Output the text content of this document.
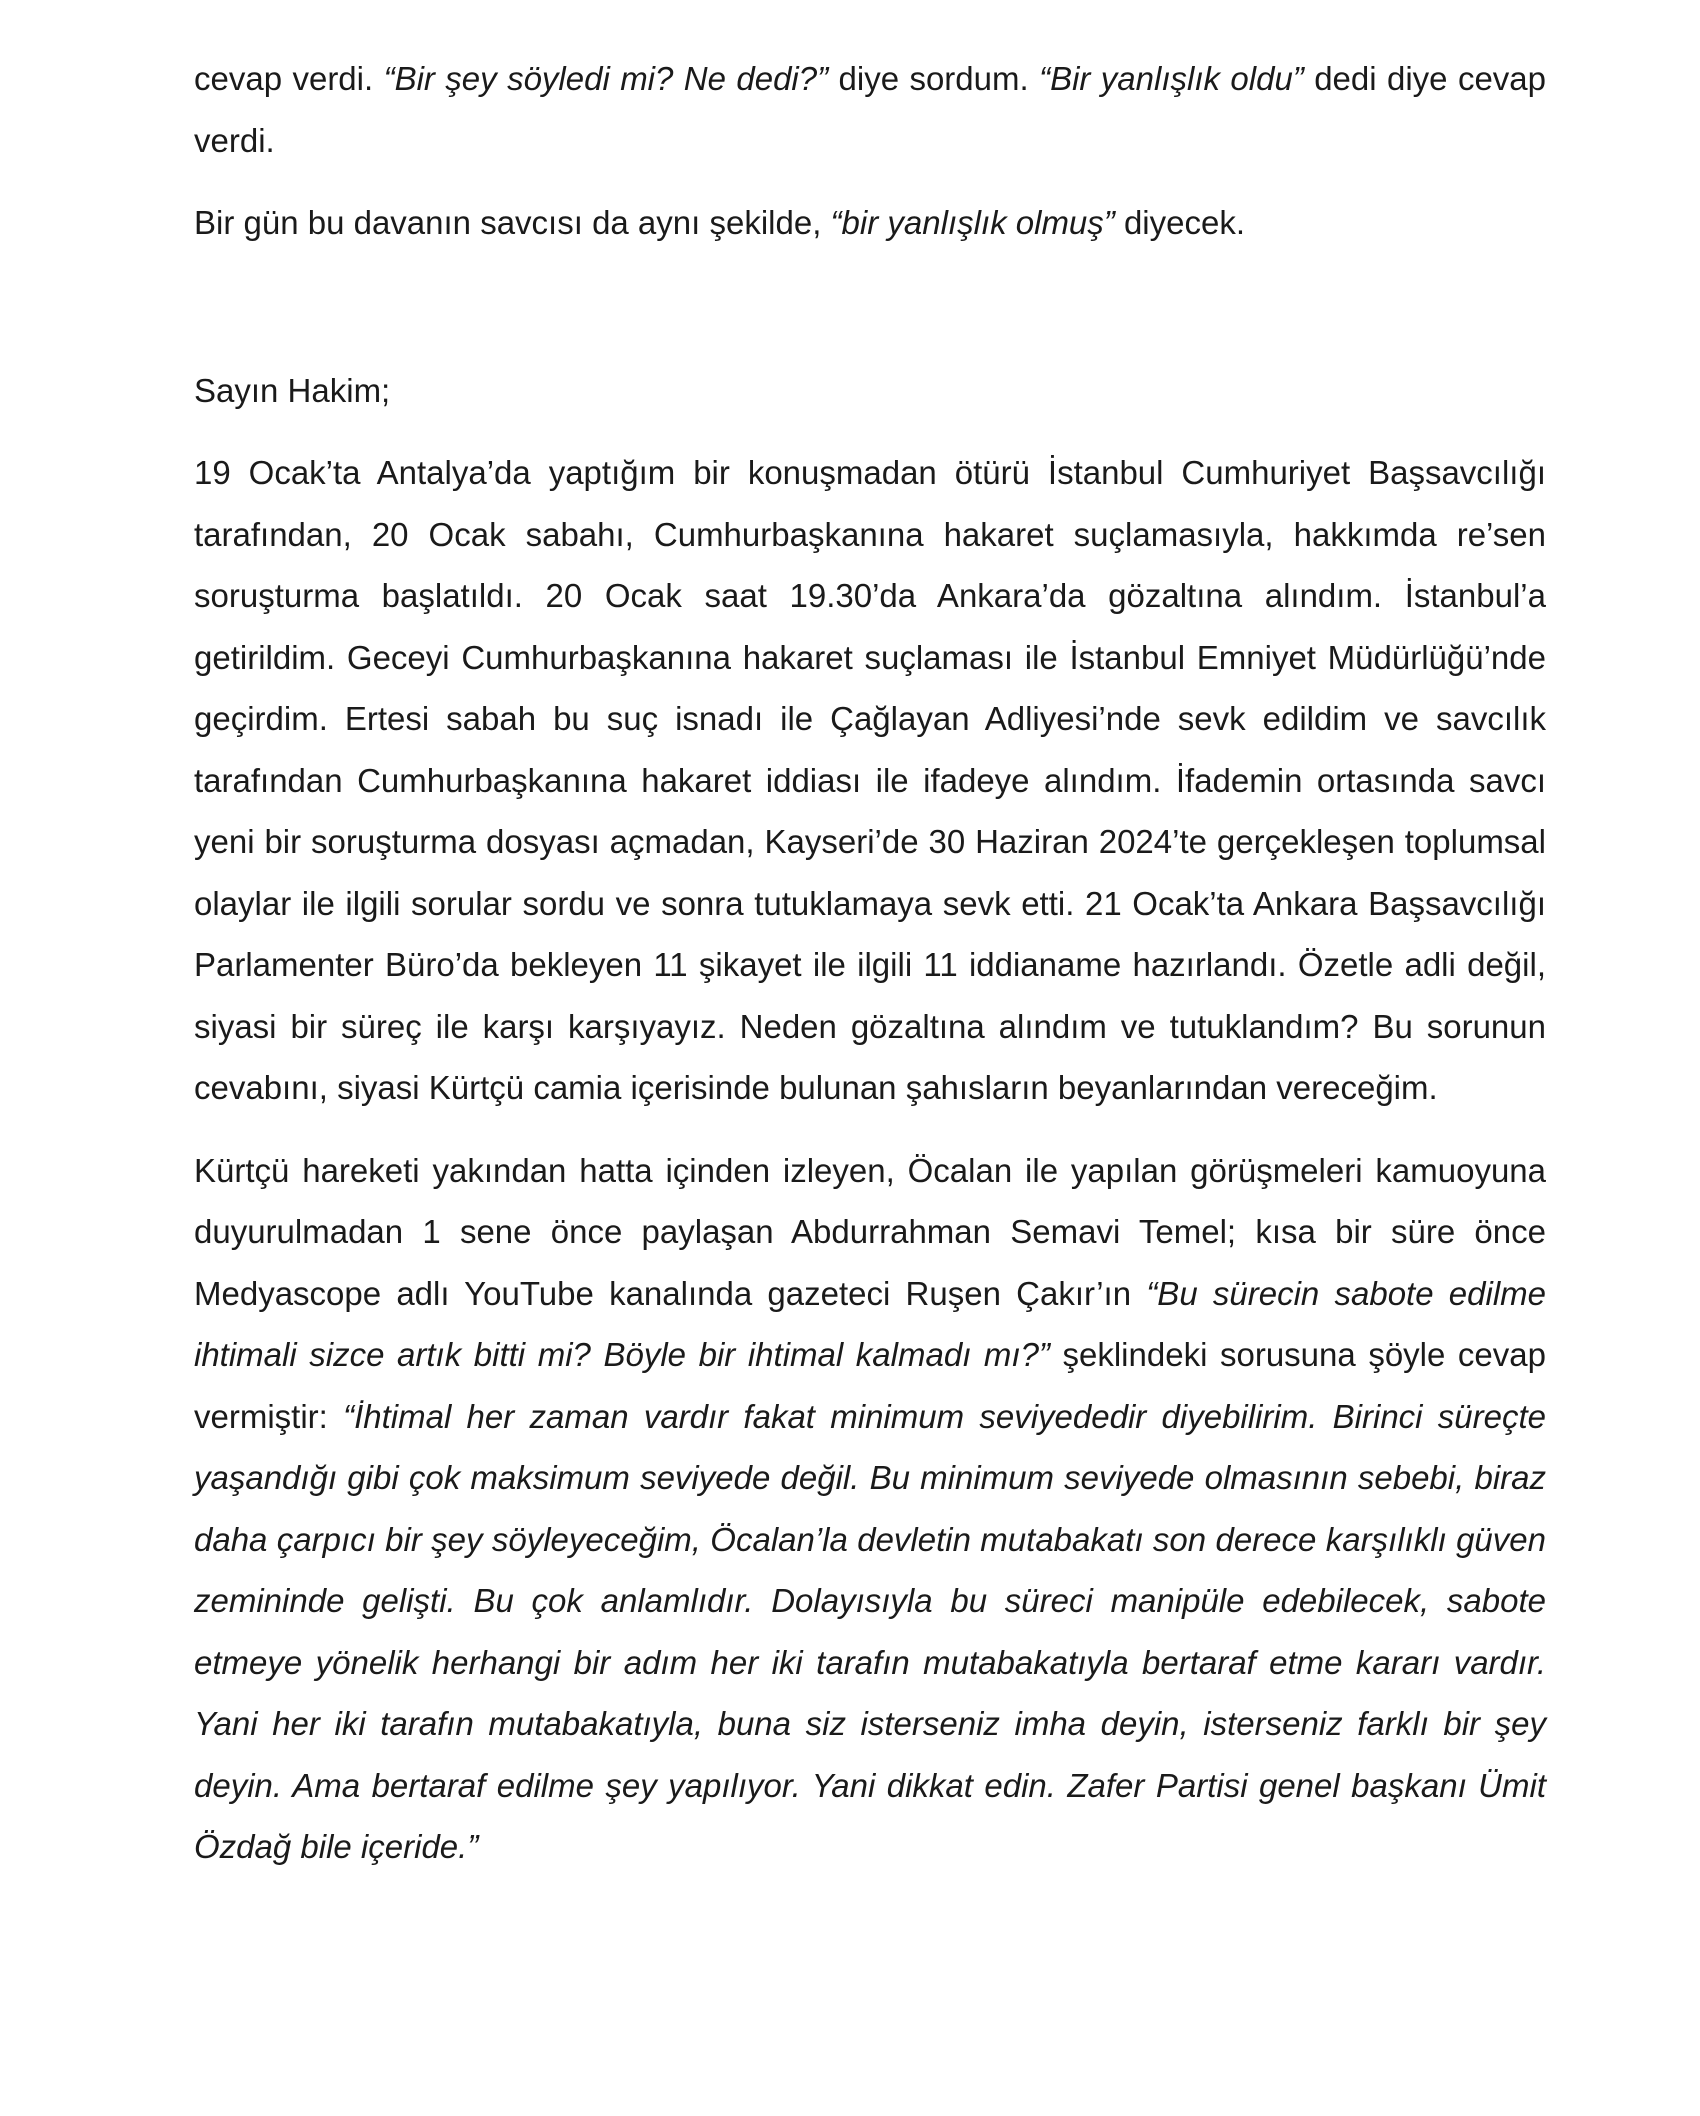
cevap verdi. “Bir şey söyledi mi? Ne dedi?” diye sordum. “Bir yanlışlık oldu” dedi diye cevap verdi.

Bir gün bu davanın savcısı da aynı şekilde, “bir yanlışlık olmuş” diyecek.

Sayın Hakim;

19 Ocak’ta Antalya’da yaptığım bir konuşmadan ötürü İstanbul Cumhuriyet Başsavcılığı tarafından, 20 Ocak sabahı, Cumhurbaşkanına hakaret suçlamasıyla, hakkımda re’sen soruşturma başlatıldı. 20 Ocak saat 19.30’da Ankara’da gözaltına alındım. İstanbul’a getirildim. Geceyi Cumhurbaşkanına hakaret suçlaması ile İstanbul Emniyet Müdürlüğü’nde geçirdim. Ertesi sabah bu suç isnadı ile Çağlayan Adliyesi’nde sevk edildim ve savcılık tarafından Cumhurbaşkanına hakaret iddiası ile ifadeye alındım. İfademin ortasında savcı yeni bir soruşturma dosyası açmadan, Kayseri’de 30 Haziran 2024’te gerçekleşen toplumsal olaylar ile ilgili sorular sordu ve sonra tutuklamaya sevk etti. 21 Ocak’ta Ankara Başsavcılığı Parlamenter Büro’da bekleyen 11 şikayet ile ilgili 11 iddianame hazırlandı. Özetle adli değil, siyasi bir süreç ile karşı karşıyayız. Neden gözaltına alındım ve tutuklandım? Bu sorunun cevabını, siyasi Kürtçü camia içerisinde bulunan şahısların beyanlarından vereceğim.

Kürtçü hareketi yakından hatta içinden izleyen, Öcalan ile yapılan görüşmeleri kamuoyuna duyurulmadan 1 sene önce paylaşan Abdurrahman Semavi Temel; kısa bir süre önce Medyascope adlı YouTube kanalında gazeteci Ruşen Çakır’ın “Bu sürecin sabote edilme ihtimali sizce artık bitti mi? Böyle bir ihtimal kalmadı mı?” şeklindeki sorusuna şöyle cevap vermiştir: “İhtimal her zaman vardır fakat minimum seviyededir diyebilirim. Birinci süreçte yaşandığı gibi çok maksimum seviyede değil. Bu minimum seviyede olmasının sebebi, biraz daha çarpıcı bir şey söyleyeceğim, Öcalan’la devletin mutabakatı son derece karşılıklı güven zemininde gelişti. Bu çok anlamlıdır. Dolayısıyla bu süreci manipüle edebilecek, sabote etmeye yönelik herhangi bir adım her iki tarafın mutabakatıyla bertaraf etme kararı vardır. Yani her iki tarafın mutabakatıyla, buna siz isterseniz imha deyin, isterseniz farklı bir şey deyin. Ama bertaraf edilme şey yapılıyor. Yani dikkat edin. Zafer Partisi genel başkanı Ümit Özdağ bile içeride.”
